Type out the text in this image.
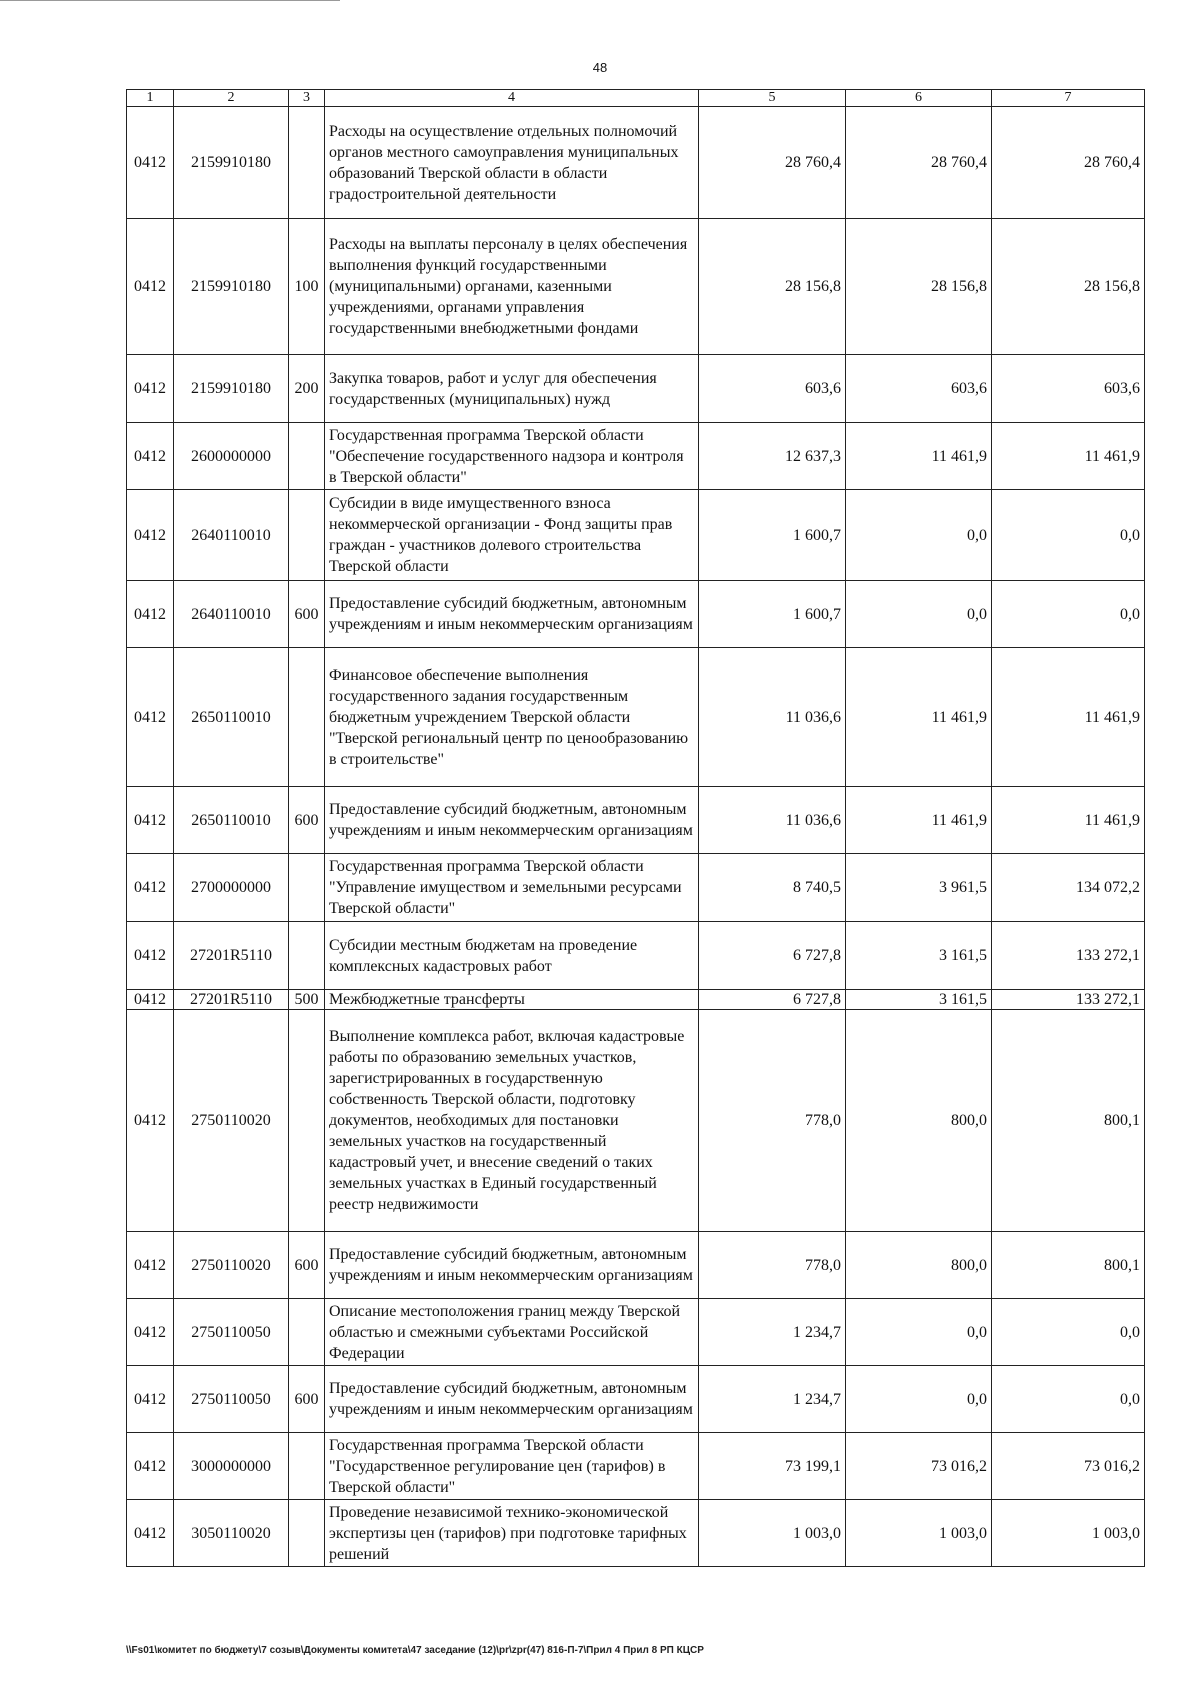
48
1	2	3	4	5	6	7
0412	2159910180		Расходы на осуществление отдельных полномочий органов местного самоуправления муниципальных образований Тверской области в области градостроительной деятельности	28 760,4	28 760,4	28 760,4
0412	2159910180	100	Расходы на выплаты персоналу в целях обеспечения выполнения функций государственными (муниципальными) органами, казенными учреждениями, органами управления государственными внебюджетными фондами	28 156,8	28 156,8	28 156,8
0412	2159910180	200	Закупка товаров, работ и услуг для обеспечения государственных (муниципальных) нужд	603,6	603,6	603,6
0412	2600000000		Государственная программа Тверской области "Обеспечение государственного надзора и контроля в Тверской области"	12 637,3	11 461,9	11 461,9
0412	2640110010		Субсидии в виде имущественного взноса некоммерческой организации - Фонд защиты прав граждан - участников долевого строительства Тверской области	1 600,7	0,0	0,0
0412	2640110010	600	Предоставление субсидий бюджетным, автономным учреждениям и иным некоммерческим организациям	1 600,7	0,0	0,0
0412	2650110010		Финансовое обеспечение выполнения государственного задания государственным бюджетным учреждением Тверской области "Тверской региональный центр по ценообразованию в строительстве"	11 036,6	11 461,9	11 461,9
0412	2650110010	600	Предоставление субсидий бюджетным, автономным учреждениям и иным некоммерческим организациям	11 036,6	11 461,9	11 461,9
0412	2700000000		Государственная программа Тверской области "Управление имуществом и земельными ресурсами Тверской области"	8 740,5	3 961,5	134 072,2
0412	27201R5110		Субсидии местным бюджетам на проведение комплексных кадастровых работ	6 727,8	3 161,5	133 272,1
0412	27201R5110	500	Межбюджетные трансферты	6 727,8	3 161,5	133 272,1
0412	2750110020		Выполнение комплекса работ, включая кадастровые работы по образованию земельных участков, зарегистрированных в государственную собственность Тверской области, подготовку документов, необходимых для постановки земельных участков на государственный кадастровый учет, и внесение сведений о таких земельных участках в Единый государственный реестр недвижимости	778,0	800,0	800,1
0412	2750110020	600	Предоставление субсидий бюджетным, автономным учреждениям и иным некоммерческим организациям	778,0	800,0	800,1
0412	2750110050		Описание местоположения границ между Тверской областью и смежными субъектами Российской Федерации	1 234,7	0,0	0,0
0412	2750110050	600	Предоставление субсидий бюджетным, автономным учреждениям и иным некоммерческим организациям	1 234,7	0,0	0,0
0412	3000000000		Государственная программа Тверской области "Государственное регулирование цен (тарифов) в Тверской области"	73 199,1	73 016,2	73 016,2
0412	3050110020		Проведение независимой технико-экономической экспертизы цен (тарифов) при подготовке тарифных решений	1 003,0	1 003,0	1 003,0
\\Fs01\комитет по бюджету\7 созыв\Документы комитета\47 заседание (12)\pr\zpr(47) 816-П-7\Прил 4 Прил 8 РП КЦСР
